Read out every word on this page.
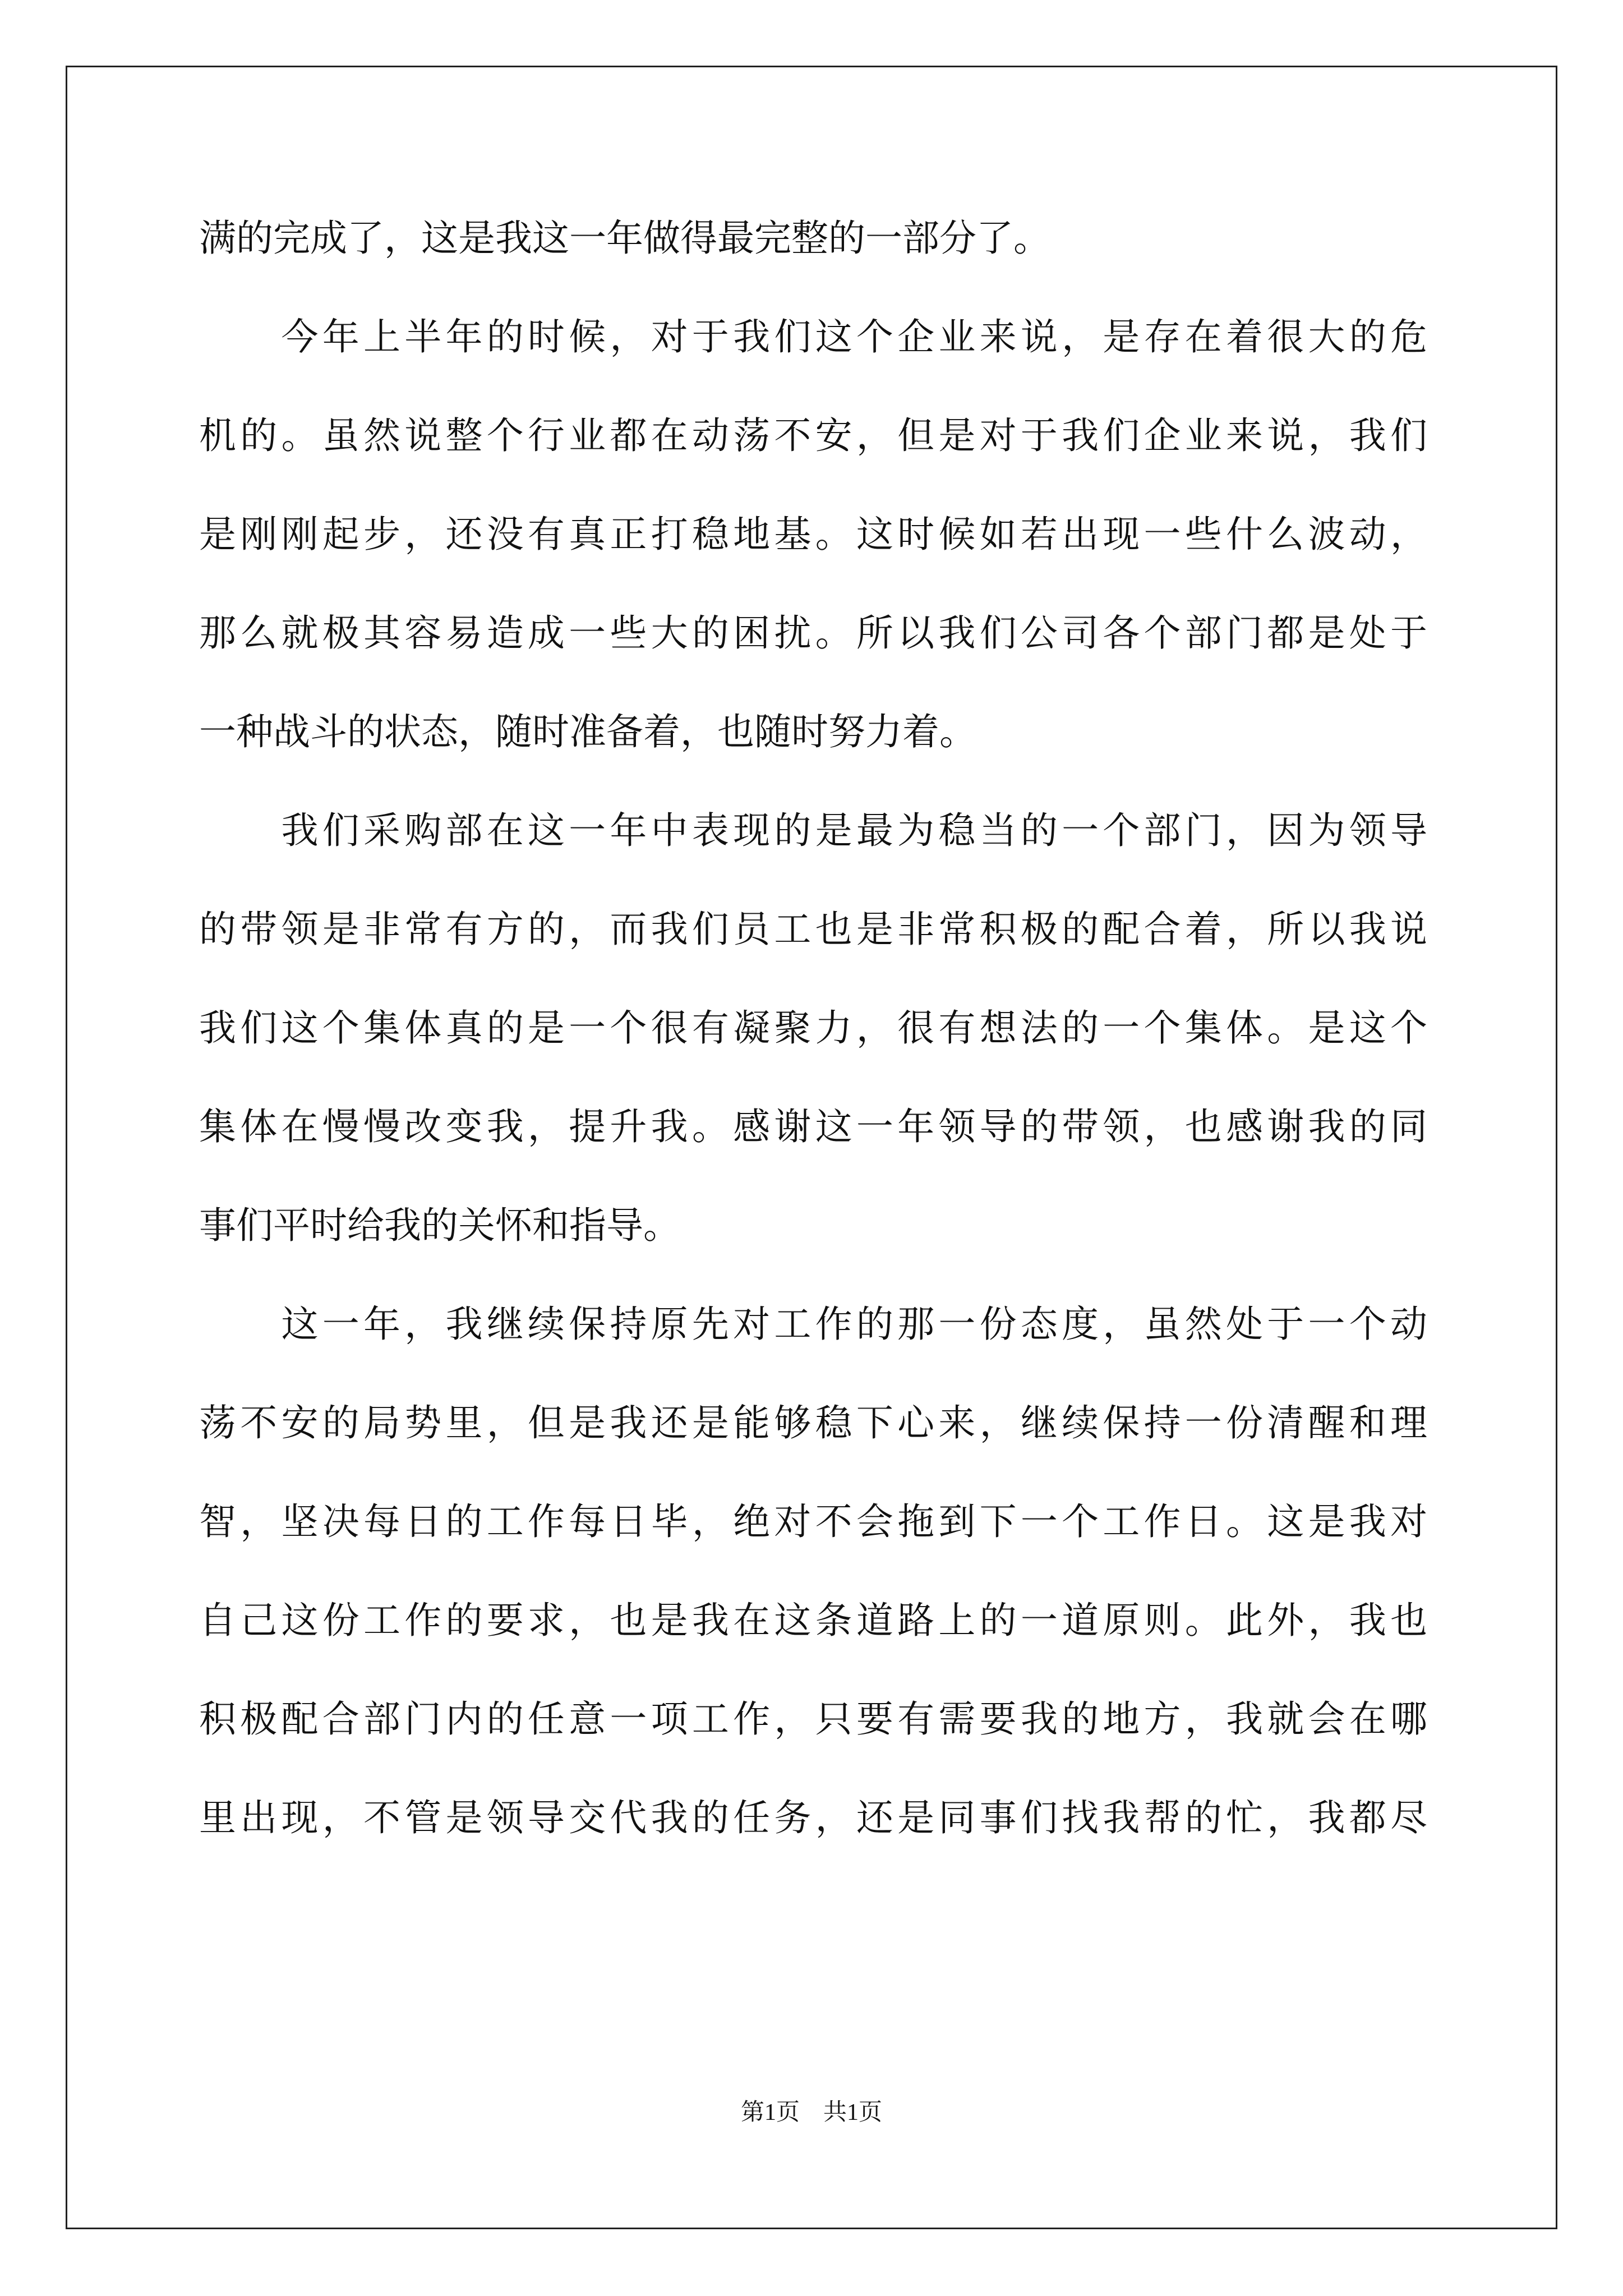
满的完成了，这是我这一年做得最完整的一部分了。
　　今年上半年的时候，对于我们这个企业来说，是存在着很大的危
机的。虽然说整个行业都在动荡不安，但是对于我们企业来说，我们
是刚刚起步，还没有真正打稳地基。这时候如若出现一些什么波动，
那么就极其容易造成一些大的困扰。所以我们公司各个部门都是处于
一种战斗的状态，随时准备着，也随时努力着。
　　我们采购部在这一年中表现的是最为稳当的一个部门，因为领导
的带领是非常有方的，而我们员工也是非常积极的配合着，所以我说
我们这个集体真的是一个很有凝聚力，很有想法的一个集体。是这个
集体在慢慢改变我，提升我。感谢这一年领导的带领，也感谢我的同
事们平时给我的关怀和指导。
　　这一年，我继续保持原先对工作的那一份态度，虽然处于一个动
荡不安的局势里，但是我还是能够稳下心来，继续保持一份清醒和理
智，坚决每日的工作每日毕，绝对不会拖到下一个工作日。这是我对
自己这份工作的要求，也是我在这条道路上的一道原则。此外，我也
积极配合部门内的任意一项工作，只要有需要我的地方，我就会在哪
里出现，不管是领导交代我的任务，还是同事们找我帮的忙，我都尽
第1页　共1页
